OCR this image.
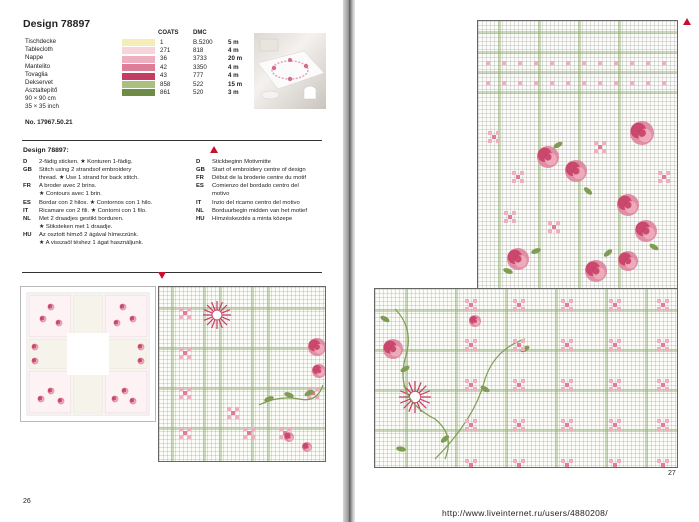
Design 78897
Tischdecke
Tablecloth
Nappe
Mantelito
Tovaglia
Dekservet
Asztaltерítő
90 × 90 cm
35 × 35 inch
No. 17967.50.21
COATS DMC
Design 78897:
26
1	B.5200 5 m
271	818	4 m
36	3733	20 m
42	3350	4 m
43	777	4 m
858	522	15 m
861	520	3 m
D 2-fädig sticken. ★ Konturen 1-fädig.
GB Stitch using 2 strandsof embroidery
thread. ★ Use 1 strand for back stitch.
FR A broder avec 2 brins.
★ Contours avec 1 brin.
ES Bordar con 2 hilos. ★ Contornos con 1 hilo.
IT Ricamare con 2 fili. ★ Contorni con 1 filo.
NL Met 2 draadjes gestikt borduren.
★ Stiksteken met 1 draadje.
HU Az osztott hímző 2 ágával hímezzünk.
★ A visszaöl téshez 1 ágat használjunk.
D Stickbeginn Motivmitte
GB Start of embroidery centre of design
FR Début de la broderie centre du motif
ES Comienzo del bordado centro del
motivo
IT Inzio del ricamo centro del motivo
NL Borduurbegin midden van het motief
HU Hímzéskezdés a minta közepe
27
http://www.liveinternet.ru/users/4880208/
